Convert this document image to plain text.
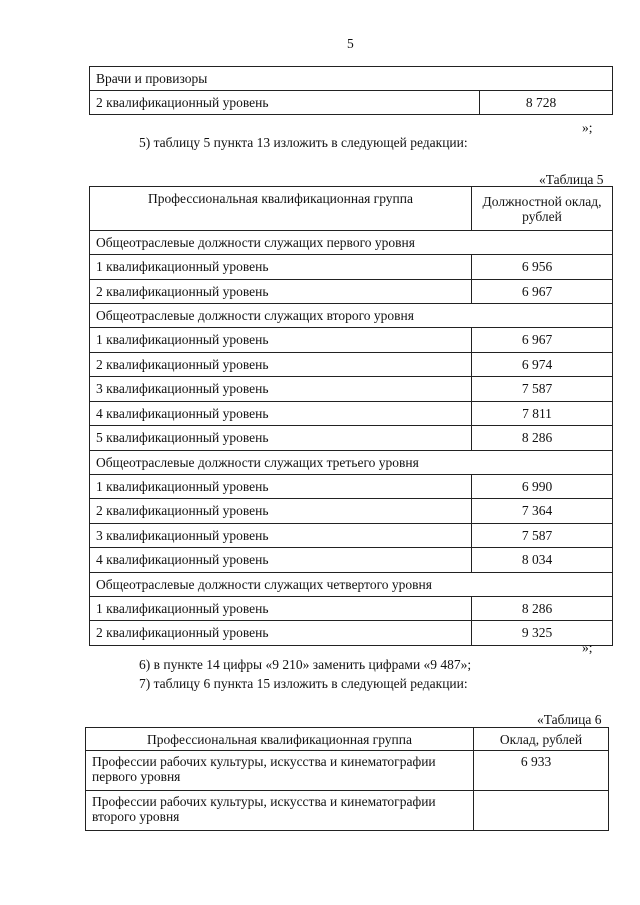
5
Врачи и провизоры
2 квалификационный уровень	8 728
»;
5) таблицу 5 пункта 13 изложить в следующей редакции:
«Таблица 5
Профессиональная квалификационная группа	Должностной оклад, рублей
Общеотраслевые должности служащих первого уровня	
1 квалификационный уровень	6 956
2 квалификационный уровень	6 967
Общеотраслевые должности служащих второго уровня	
1 квалификационный уровень	6 967
2 квалификационный уровень	6 974
3 квалификационный уровень	7 587
4 квалификационный уровень	7 811
5 квалификационный уровень	8 286
Общеотраслевые должности служащих третьего уровня	
1 квалификационный уровень	6 990
2 квалификационный уровень	7 364
3 квалификационный уровень	7 587
4 квалификационный уровень	8 034
Общеотраслевые должности служащих четвертого уровня	
1 квалификационный уровень	8 286
2 квалификационный уровень	9 325
»;
6) в пункте 14 цифры «9 210» заменить цифрами «9 487»;
7) таблицу 6 пункта 15 изложить в следующей редакции:
«Таблица 6
Профессиональная квалификационная группа	Оклад, рублей
Профессии рабочих культуры, искусства и кинематографии первого уровня	6 933
Профессии рабочих культуры, искусства и кинематографии второго уровня	
